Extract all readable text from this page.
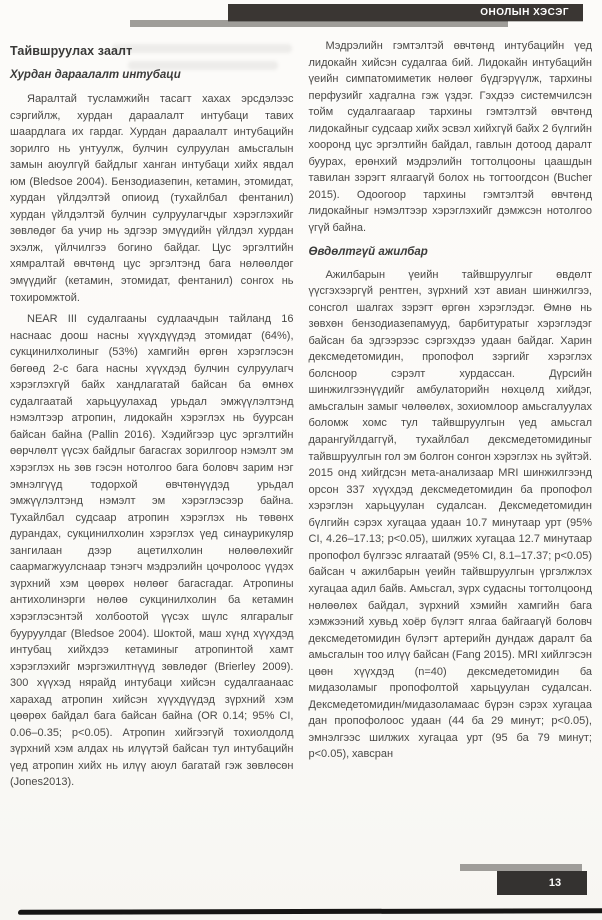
ОНОЛЫН ХЭСЭГ
Тайвшруулах заалт
Хурдан дараалалт интубаци

Яаралтай тусламжийн тасагт хахах эрсдэлээс сэргийлж, хурдан дараалалт интубаци тавих шаардлага их гардаг. Хурдан дараалалт интубацийн зорилго нь унтуулж, булчин сулруулан амьсгалын замын аюулгүй байдлыг ханган интубаци хийх явдал юм (Bledsoe 2004). Бензодиазепин, кетамин, этомидат, хурдан үйлдэлтэй опиоид (тухайлбал фентанил) хурдан үйлдэлтэй булчин сулруулагчдыг хэрэглэхийг зөвлөдөг ба учир нь эдгээр эмүүдийн үйлдэл хурдан эхэлж, үйлчилгээ богино байдаг. Цус эргэлтийн хямралтай өвчтөнд цус эргэлтэнд бага нөлөөлдөг эмүүдийг (кетамин, этомидат, фентанил) сонгох нь тохиромжтой.

NEAR III судалгааны судлаачдын тайланд 16 наснаас доош насны хүүхдүүдэд этомидат (64%), сукцинилхолиныг (53%) хамгийн өргөн хэрэглэсэн бөгөөд 2-с бага насны хүүхдэд булчин сулруулагч хэрэглэхгүй байх хандлагатай байсан ба өмнөх судалгаатай харьцуулахад урьдал эмжүүлэлтэнд нэмэлтээр атропин, лидокайн хэрэглэх нь буурсан байсан байна (Pallin 2016). Хэдийгээр цус эргэлтийн өөрчлөлт үүсэх байдлыг багасгах зорилгоор нэмэлт эм хэрэглэх нь зөв гэсэн нотолгоо бага боловч зарим нэг эмнэлгүүд тодорхой өвчтөнүүдэд урьдал эмжүүлэлтэнд нэмэлт эм хэрэглэсээр байна. Тухайлбал судсаар атропин хэрэглэх нь төвөнх дурандах, сукцинилхолин хэрэглэх үед синаурикуляр зангилаан дээр ацетилхолин нөлөөлөхийг саармагжуулснаар тэнэгч мэдрэлийн цочролоос үүдэх зүрхний хэм цөөрөх нөлөөг багасгадаг. Атропины антихолинэрги нөлөө сукцинилхолин ба кетамин хэрэглэсэнтэй холбоотой үүсэх шүлс ялгаралыг бууруулдаг (Bledsoe 2004). Шоктой, маш хүнд хүүхдэд интубац хийхдээ кетаминыг атропинтой хамт хэрэглэхийг мэргэжилтнүүд зөвлөдөг (Brierley 2009). 300 хүүхэд нярайд интубаци хийсэн судалгаанаас харахад атропин хийсэн хүүхдүүдэд зүрхний хэм цөөрөх байдал бага байсан байна (OR 0.14; 95% CI, 0.06–0.35; p<0.05). Атропин хийгээгүй тохиолдолд зүрхний хэм алдах нь илүүтэй байсан тул интубацийн үед атропин хийх нь илүү аюул багатай гэж зөвлөсөн (Jones2013).

Мэдрэлийн гэмтэлтэй өвчтөнд интубацийн үед лидокайн хийсэн судалгаа бий. Лидокайн интубацийн үеийн симпатомиметик нөлөөг бүдгэрүүлж, тархины перфузийг хадгална гэж үздэг. Гэхдээ системчилсэн тойм судалгаагаар тархины гэмтэлтэй өвчтөнд лидокайныг судсаар хийх эсвэл хийхгүй байх 2 бүлгийн хооронд цус эргэлтийн байдал, гавлын дотоод даралт буурах, ерөнхий мэдрэлийн тогтолцооны цаашдын тавилан зэрэгт ялгаагүй болох нь тогтоогдсон (Bucher 2015). Одоогоор тархины гэмтэлтэй өвчтөнд лидокайныг нэмэлтээр хэрэглэхийг дэмжсэн нотолгоо үгүй байна.

Өвдөлтгүй ажилбар

Ажилбарын үеийн тайвшруулгыг өвдөлт үүсгэхээргүй рентген, зүрхний хэт авиан шинжилгээ, сонсгол шалгах зэрэгт өргөн хэрэглэдэг. Өмнө нь зөвхөн бензодиазепамууд, барбитуратыг хэрэглэдэг байсан ба эдгээрээс сэргэхдээ удаан байдаг. Харин дексмедетомидин, пропофол зэргийг хэрэглэх болсноор сэрэлт хурдассан. Дүрсийн шинжилгээнүүдийг амбулаторийн нөхцөлд хийдэг, амьсгалын замыг чөлөөлөх, зохиомлоор амьсгалуулах боломж хомс тул тайвшруулгын үед амьсгал дарангуйлдаггүй, тухайлбал дексмедетомидиныг тайвшруулгын гол эм болгон сонгон хэрэглэх нь зүйтэй. 2015 онд хийгдсэн мета-анализаар MRI шинжилгээнд орсон 337 хүүхдэд дексмедетомидин ба пропофол хэрэглэн харьцуулан судалсан. Дексмедетомидин бүлгийн сэрэх хугацаа удаан 10.7 минутаар урт (95% CI, 4.26–17.13; p<0.05), шилжих хугацаа 12.7 минутаар пропофол бүлгээс ялгаатай (95% CI, 8.1–17.37; p<0.05) байсан ч ажилбарын үеийн тайвшруулгын үргэлжлэх хугацаа адил байв. Амьсгал, зүрх судасны тогтолцоонд нөлөөлөх байдал, зүрхний хэмийн хамгийн бага хэмжээний хувьд хоёр бүлэгт ялгаа байгаагүй боловч дексмедетомидин бүлэгт артерийн дундаж даралт ба амьсгалын тоо илүү байсан (Fang 2015). MRI хийлгэсэн цөөн хүүхдэд (n=40) дексмедетомидин ба мидазоламыг пропофолтой харьцуулан судалсан. Дексмедетомидин/мидазоламаас бүрэн сэрэх хугацаа дан пропофолоос удаан (44 ба 29 минут; p<0.05), эмнэлгээс шилжих хугацаа урт (95 ба 79 минут; p<0.05), хавсран

13
